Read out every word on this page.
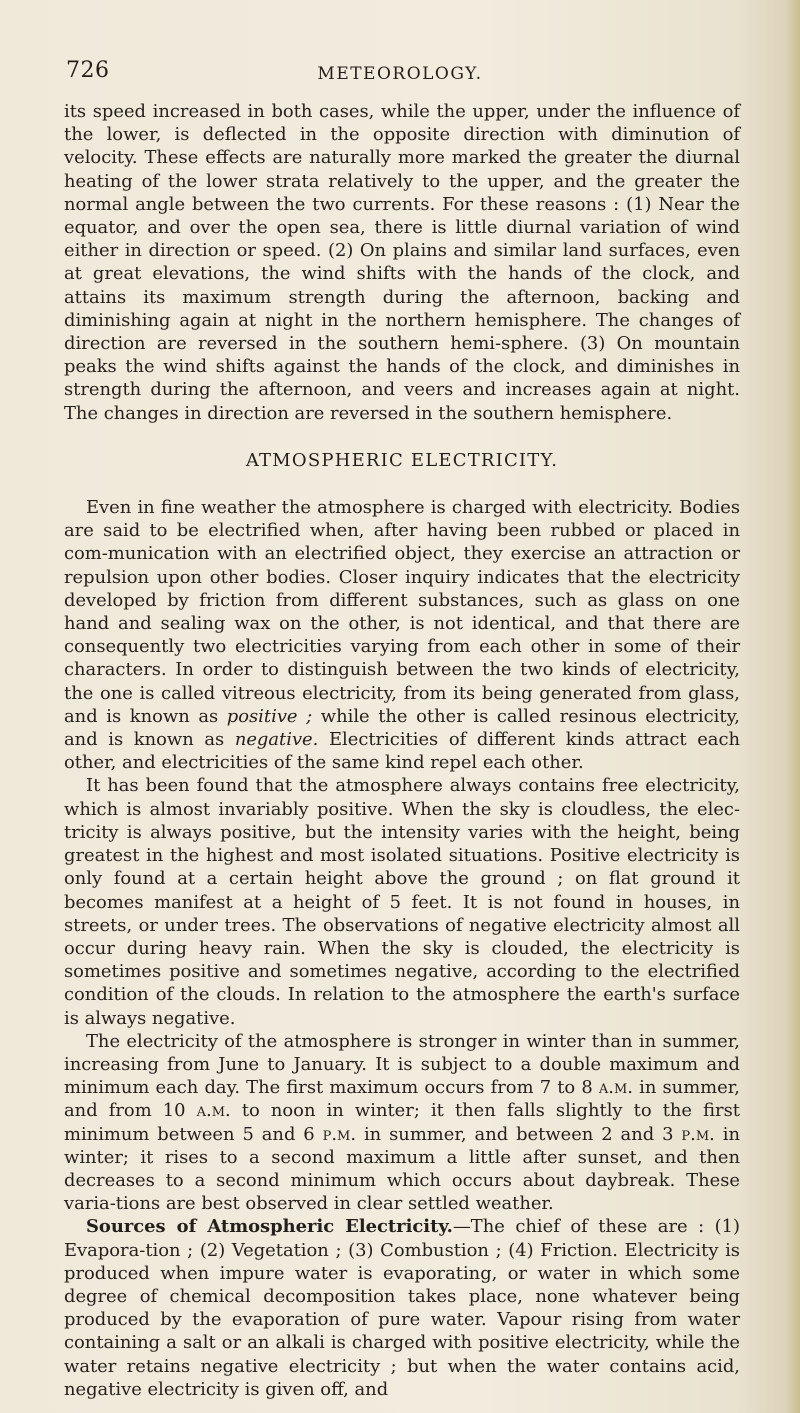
726	METEOROLOGY.

its speed increased in both cases, while the upper, under the influence of the lower, is deflected in the opposite direction with diminution of velocity. These effects are naturally more marked the greater the diurnal heating of the lower strata relatively to the upper, and the greater the normal angle between the two currents. For these reasons : (1) Near the equator, and over the open sea, there is little diurnal variation of wind either in direction or speed. (2) On plains and similar land surfaces, even at great elevations, the wind shifts with the hands of the clock, and attains its maximum strength during the afternoon, backing and diminishing again at night in the northern hemisphere. The changes of direction are reversed in the southern hemi-sphere. (3) On mountain peaks the wind shifts against the hands of the clock, and diminishes in strength during the afternoon, and veers and increases again at night. The changes in direction are reversed in the southern hemisphere.

ATMOSPHERIC ELECTRICITY.

Even in fine weather the atmosphere is charged with electricity. Bodies are said to be electrified when, after having been rubbed or placed in com-munication with an electrified object, they exercise an attraction or repulsion upon other bodies. Closer inquiry indicates that the electricity developed by friction from different substances, such as glass on one hand and sealing wax on the other, is not identical, and that there are consequently two electricities varying from each other in some of their characters. In order to distinguish between the two kinds of electricity, the one is called vitreous electricity, from its being generated from glass, and is known as positive ; while the other is called resinous electricity, and is known as negative. Electricities of different kinds attract each other, and electricities of the same kind repel each other.

It has been found that the atmosphere always contains free electricity, which is almost invariably positive. When the sky is cloudless, the elec-tricity is always positive, but the intensity varies with the height, being greatest in the highest and most isolated situations. Positive electricity is only found at a certain height above the ground ; on flat ground it becomes manifest at a height of 5 feet. It is not found in houses, in streets, or under trees. The observations of negative electricity almost all occur during heavy rain. When the sky is clouded, the electricity is sometimes positive and sometimes negative, according to the electrified condition of the clouds. In relation to the atmosphere the earth's surface is always negative.

The electricity of the atmosphere is stronger in winter than in summer, increasing from June to January. It is subject to a double maximum and minimum each day. The first maximum occurs from 7 to 8 a.m. in summer, and from 10 a.m. to noon in winter; it then falls slightly to the first minimum between 5 and 6 p.m. in summer, and between 2 and 3 p.m. in winter; it rises to a second maximum a little after sunset, and then decreases to a second minimum which occurs about daybreak. These varia-tions are best observed in clear settled weather.

Sources of Atmospheric Electricity.—The chief of these are : (1) Evapora-tion ; (2) Vegetation ; (3) Combustion ; (4) Friction. Electricity is produced when impure water is evaporating, or water in which some degree of chemical decomposition takes place, none whatever being produced by the evaporation of pure water. Vapour rising from water containing a salt or an alkali is charged with positive electricity, while the water retains negative electricity ; but when the water contains acid, negative electricity is given off, and
